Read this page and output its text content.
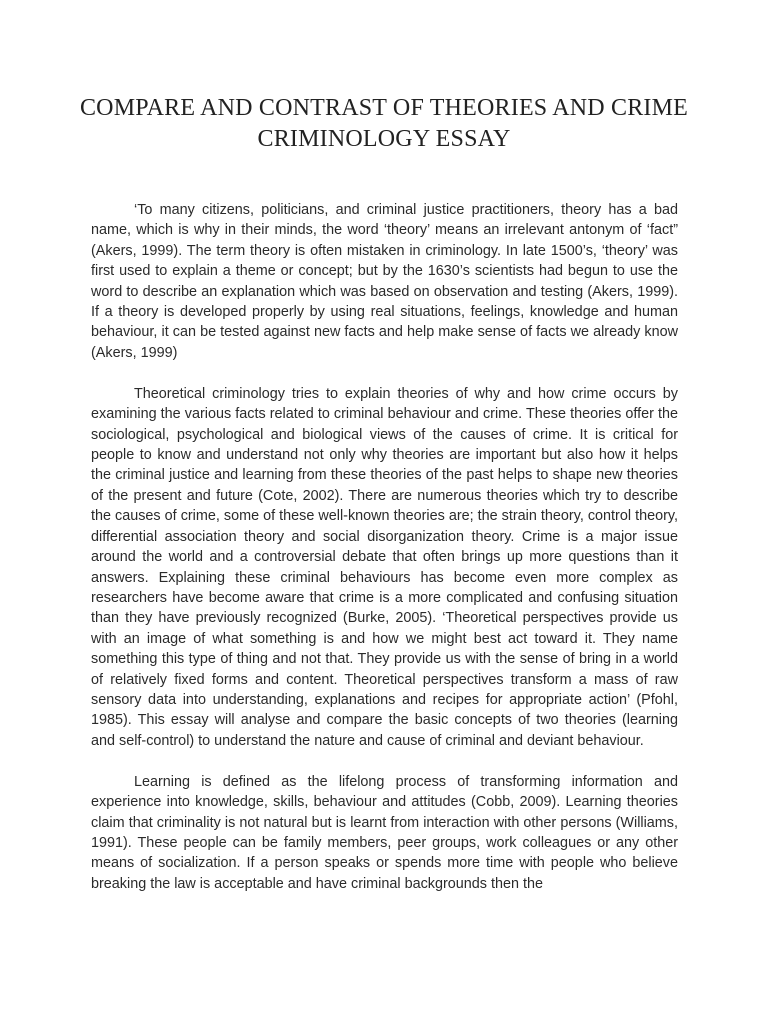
COMPARE AND CONTRAST OF THEORIES AND CRIME CRIMINOLOGY ESSAY

‘To many citizens, politicians, and criminal justice practitioners, theory has a bad name, which is why in their minds, the word ‘theory’ means an irrelevant antonym of ‘fact” (Akers, 1999). The term theory is often mistaken in criminology. In late 1500’s, ‘theory’ was first used to explain a theme or concept; but by the 1630’s scientists had begun to use the word to describe an explanation which was based on observation and testing (Akers, 1999). If a theory is developed properly by using real situations, feelings, knowledge and human behaviour, it can be tested against new facts and help make sense of facts we already know (Akers, 1999)

Theoretical criminology tries to explain theories of why and how crime occurs by examining the various facts related to criminal behaviour and crime. These theories offer the sociological, psychological and biological views of the causes of crime. It is critical for people to know and understand not only why theories are important but also how it helps the criminal justice and learning from these theories of the past helps to shape new theories of the present and future (Cote, 2002). There are numerous theories which try to describe the causes of crime, some of these well-known theories are; the strain theory, control theory, differential association theory and social disorganization theory. Crime is a major issue around the world and a controversial debate that often brings up more questions than it answers. Explaining these criminal behaviours has become even more complex as researchers have become aware that crime is a more complicated and confusing situation than they have previously recognized (Burke, 2005). ‘Theoretical perspectives provide us with an image of what something is and how we might best act toward it. They name something this type of thing and not that. They provide us with the sense of bring in a world of relatively fixed forms and content. Theoretical perspectives transform a mass of raw sensory data into understanding, explanations and recipes for appropriate action’ (Pfohl, 1985). This essay will analyse and compare the basic concepts of two theories (learning and self-control) to understand the nature and cause of criminal and deviant behaviour.

Learning is defined as the lifelong process of transforming information and experience into knowledge, skills, behaviour and attitudes (Cobb, 2009). Learning theories claim that criminality is not natural but is learnt from interaction with other persons (Williams, 1991). These people can be family members, peer groups, work colleagues or any other means of socialization. If a person speaks or spends more time with people who believe breaking the law is acceptable and have criminal backgrounds then the
